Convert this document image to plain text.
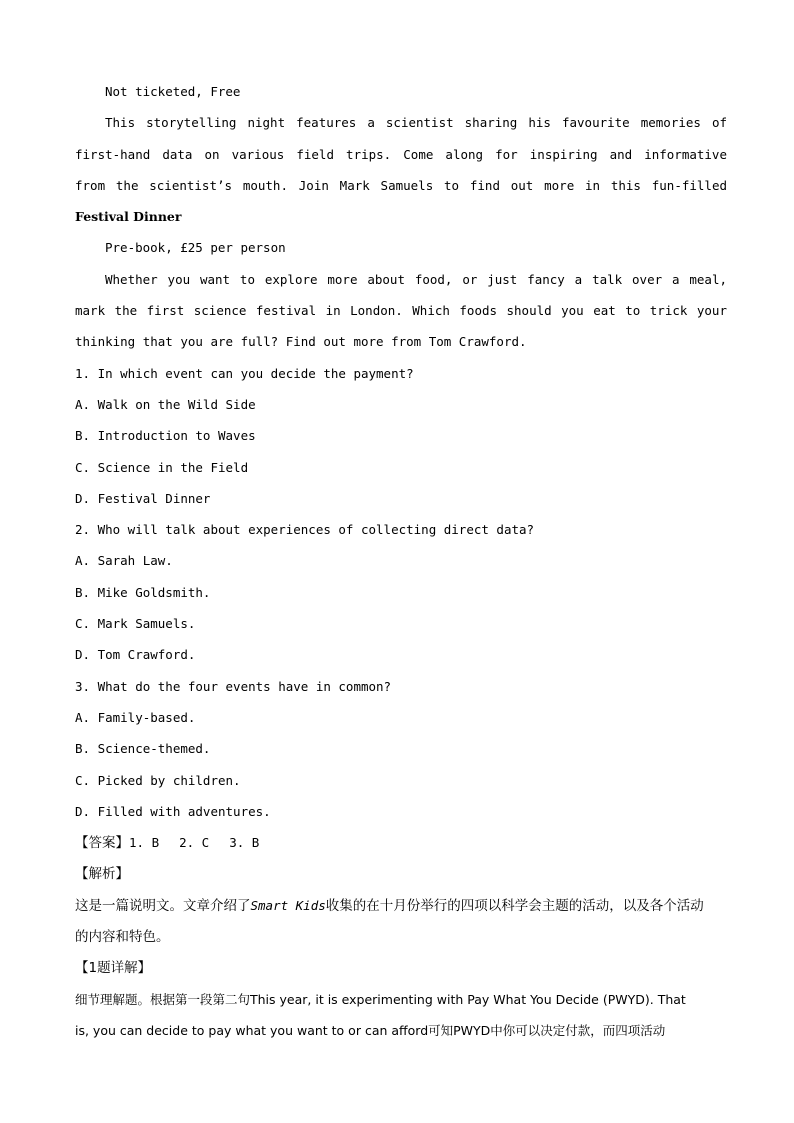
Not ticketed, Free
This storytelling night features a scientist sharing his favourite memories of
first-hand data on various field trips. Come along for inspiring and informative
from the scientist’s mouth. Join Mark Samuels to find out more in this fun-filled
Festival Dinner
Pre-book, £25 per person
Whether you want to explore more about food, or just fancy a talk over a meal,
mark the first science festival in London. Which foods should you eat to trick your
thinking that you are full? Find out more from Tom Crawford.
1. In which event can you decide the payment?
A. Walk on the Wild Side
B. Introduction to Waves
C. Science in the Field
D. Festival Dinner
2. Who will talk about experiences of collecting direct data?
A. Sarah Law.
B. Mike Goldsmith.
C. Mark Samuels.
D. Tom Crawford.
3. What do the four events have in common?
A. Family-based.
B. Science-themed.
C. Picked by children.
D. Filled with adventures.
【答案】1. B 2. C 3. B
【解析】
这是一篇说明文。文章介绍了Smart Kids收集的在十月份举行的四项以科学会主题的活动，以及各个活动
的内容和特色。
【1题详解】
细节理解题。根据第一段第二句This year, it is experimenting with Pay What You Decide (PWYD). That
is, you can decide to pay what you want to or can afford可知PWYD中你可以决定付款，而四项活动
